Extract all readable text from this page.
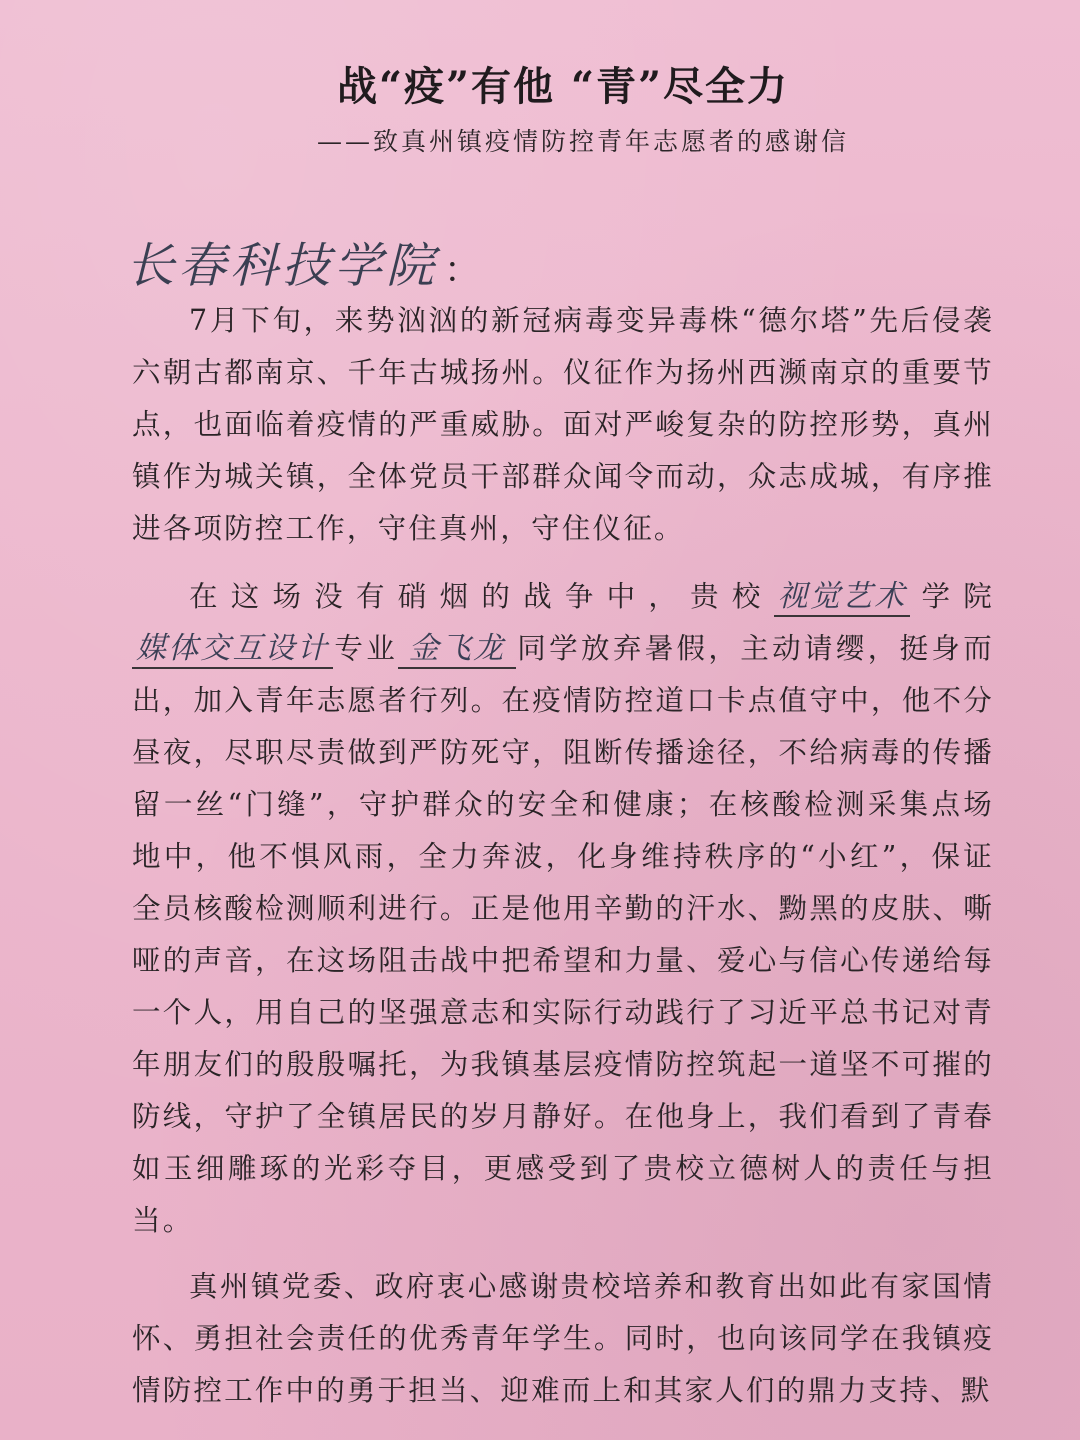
战“疫”有他 “青”尽全力
——致真州镇疫情防控青年志愿者的感谢信
长春科技学院 ：

7月下旬，来势汹汹的新冠病毒变异毒株“德尔塔”先后侵袭六朝古都南京、千年古城扬州。仪征作为扬州西濒南京的重要节点，也面临着疫情的严重威胁。面对严峻复杂的防控形势，真州镇作为城关镇，全体党员干部群众闻令而动，众志成城，有序推进各项防控工作，守住真州，守住仪征。

在这场没有硝烟的战争中，贵校 视觉艺术 学院媒体交互设计 专业 金飞龙 同学放弃暑假，主动请缨，挺身而出，加入青年志愿者行列。在疫情防控道口卡点值守中，他不分昼夜，尽职尽责做到严防死守，阻断传播途径，不给病毒的传播留一丝“门缝”，守护群众的安全和健康；在核酸检测采集点场地中，他不惧风雨，全力奔波，化身维持秩序的“小红”，保证全员核酸检测顺利进行。正是他用辛勤的汗水、黝黑的皮肤、嘶哑的声音，在这场阻击战中把希望和力量、爱心与信心传递给每一个人，用自己的坚强意志和实际行动践行了习近平总书记对青年朋友们的殷殷嘱托，为我镇基层疫情防控筑起一道坚不可摧的防线，守护了全镇居民的岁月静好。在他身上，我们看到了青春如玉细雕琢的光彩夺目，更感受到了贵校立德树人的责任与担当。

真州镇党委、政府衷心感谢贵校培养和教育出如此有家国情怀、勇担社会责任的优秀青年学生。同时，也向该同学在我镇疫情防控工作中的勇于担当、迎难而上和其家人们的鼎力支持、默
